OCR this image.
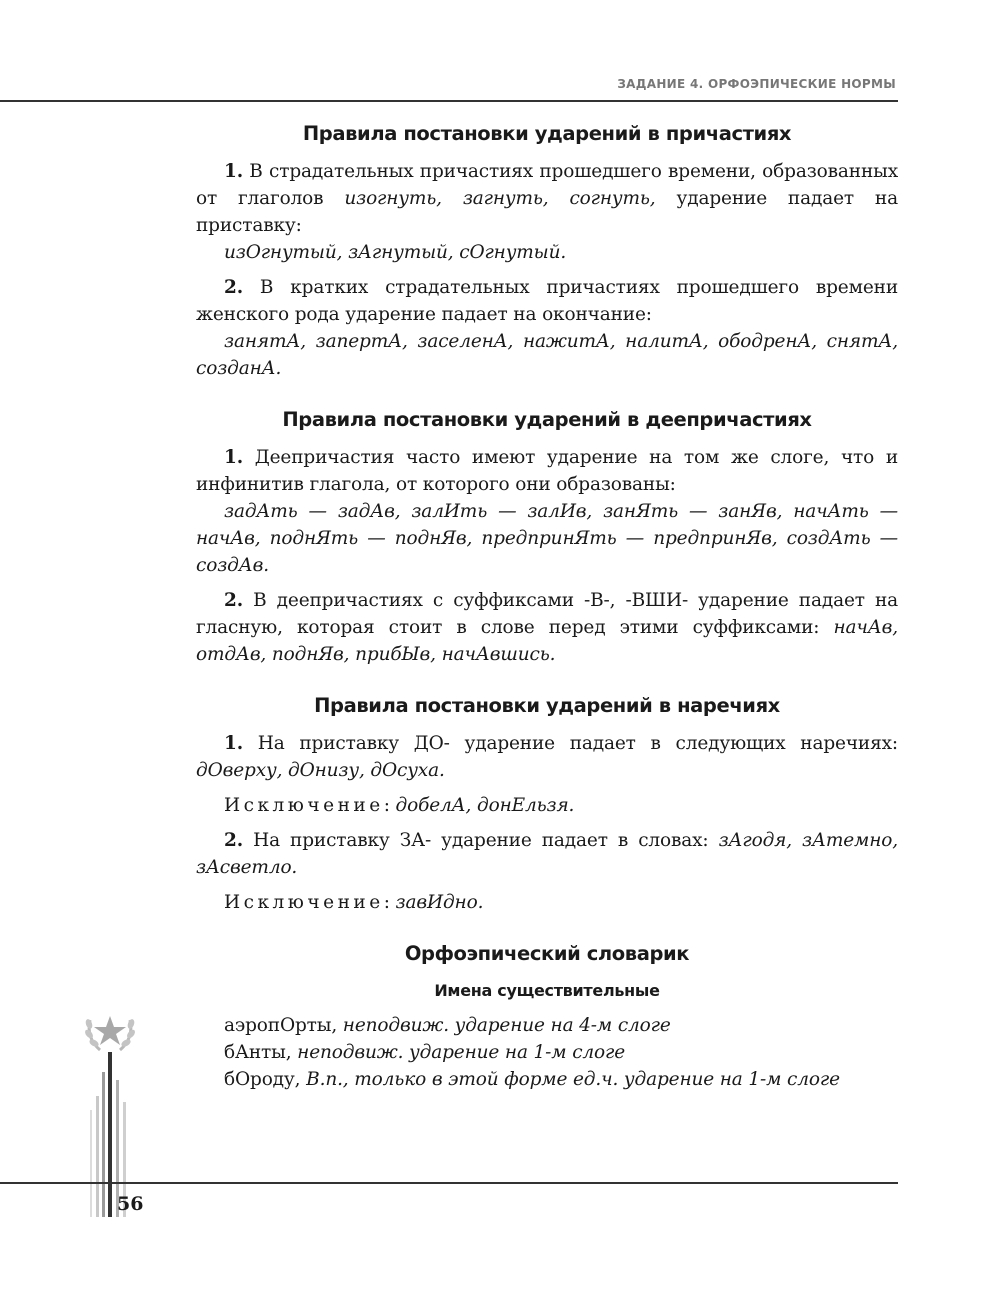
ЗАДАНИЕ 4. ОРФОЭПИЧЕСКИЕ НОРМЫ
Правила постановки ударений в причастиях

1. В страдательных причастиях прошедшего времени, образованных от глаголов изогнуть, загнуть, согнуть, ударение падает на приставку:

изОгнутый, зАгнутый, сОгнутый.

2. В кратких страдательных причастиях прошедшего времени женского рода ударение падает на окончание:

занятА, запертА, заселенА, нажитА, налитА, ободренА, снятА, созданА.

Правила постановки ударений в деепричастиях

1. Деепричастия часто имеют ударение на том же слоге, что и инфинитив глагола, от которого они образованы:

задАть — задАв, залИть — залИв, занЯть — занЯв, начАть — начАв, поднЯть — поднЯв, предпринЯть — предпринЯв, создАть — создАв.

2. В деепричастиях с суффиксами -В-, -ВШИ- ударение падает на гласную, которая стоит в слове перед этими суффиксами: начАв, отдАв, поднЯв, прибЫв, начАвшись.

Правила постановки ударений в наречиях

1. На приставку ДО- ударение падает в следующих наречиях: дОверху, дОнизу, дОсуха.

Исключение: добелА, донЕльзя.

2. На приставку ЗА- ударение падает в словах: зАгодя, зАтемно, зАсветло.

Исключение: завИдно.

Орфоэпический словарик
Имена существительные

аэропОрты, неподвиж. ударение на 4-м слоге

бАнты, неподвиж. ударение на 1-м слоге

бОроду, В.п., только в этой форме ед.ч. ударение на 1-м слоге

56
